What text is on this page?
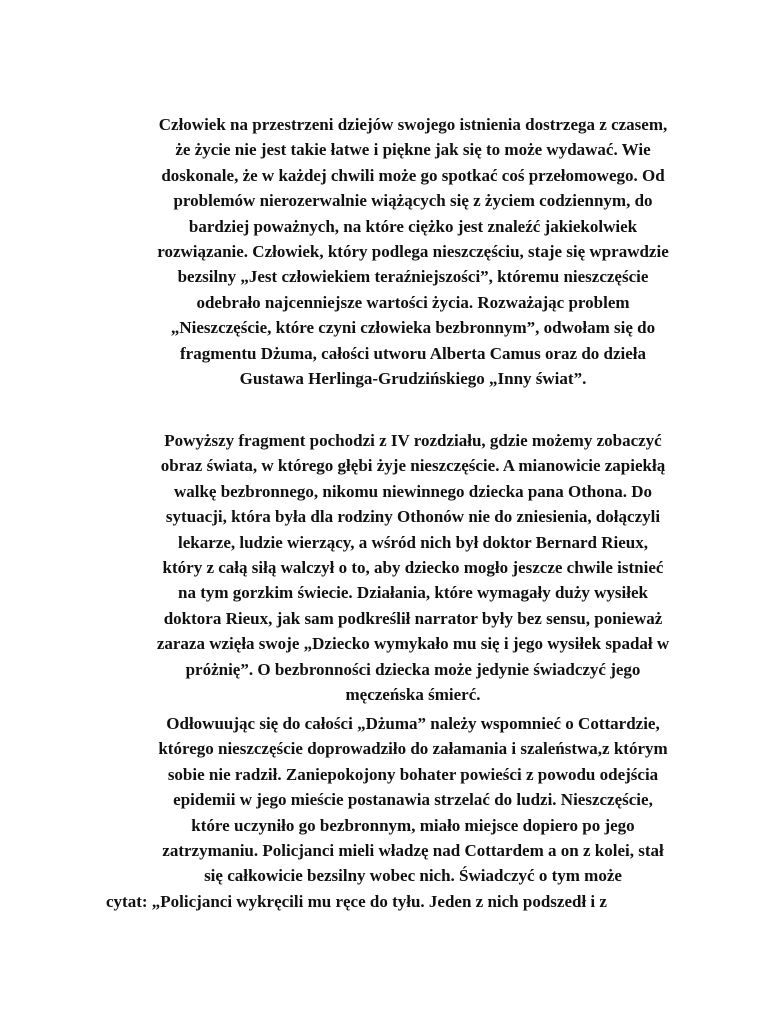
Człowiek na przestrzeni dziejów swojego istnienia dostrzega z czasem,
że życie nie jest takie łatwe i piękne jak się to może wydawać. Wie
doskonale, że w każdej chwili może go spotkać coś przełomowego. Od
problemów nierozerwalnie wiążących się z życiem codziennym, do
bardziej poważnych, na które ciężko jest znaleźć jakiekolwiek
rozwiązanie. Człowiek, który podlega nieszczęściu, staje się wprawdzie
bezsilny „Jest człowiekiem teraźniejszości”, któremu nieszczęście
odebrało najcenniejsze wartości życia. Rozważając problem
„Nieszczęście, które czyni człowieka bezbronnym”, odwołam się do
fragmentu Dżuma, całości utworu Alberta Camus oraz do dzieła
Gustawa Herlinga-Grudzińskiego „Inny świat”.
Powyższy fragment pochodzi z IV rozdziału, gdzie możemy zobaczyć
obraz świata, w którego głębi żyje nieszczęście. A mianowicie zapiekłą
walkę bezbronnego, nikomu niewinnego dziecka pana Othona. Do
sytuacji, która była dla rodziny Othonów nie do zniesienia, dołączyli
lekarze, ludzie wierzący, a wśród nich był doktor Bernard Rieux,
który z całą siłą walczył o to, aby dziecko mogło jeszcze chwile istnieć
na tym gorzkim świecie. Działania, które wymagały duży wysiłek
doktora Rieux, jak sam podkreślił narrator były bez sensu, ponieważ
zaraza wzięła swoje „Dziecko wymykało mu się i jego wysiłek spadał w
próżnię”. O bezbronności dziecka może jedynie świadczyć jego
męczeńska śmierć.
Odłowuując się do całości „Dżuma” należy wspomnieć o Cottardzie,
którego nieszczęście doprowadziło do załamania i szaleństwa,z którym
sobie nie radził. Zaniepokojony bohater powieści z powodu odejścia
epidemii w jego mieście postanawia strzelać do ludzi. Nieszczęście,
które uczyniło go bezbronnym, miało miejsce dopiero po jego
zatrzymaniu. Policjanci mieli władzę nad Cottardem a on z kolei, stał
się całkowicie bezsilny wobec nich. Świadczyć o tym może
cytat: „Policjanci wykręcili mu ręce do tyłu. Jeden z nich podszedł i z
